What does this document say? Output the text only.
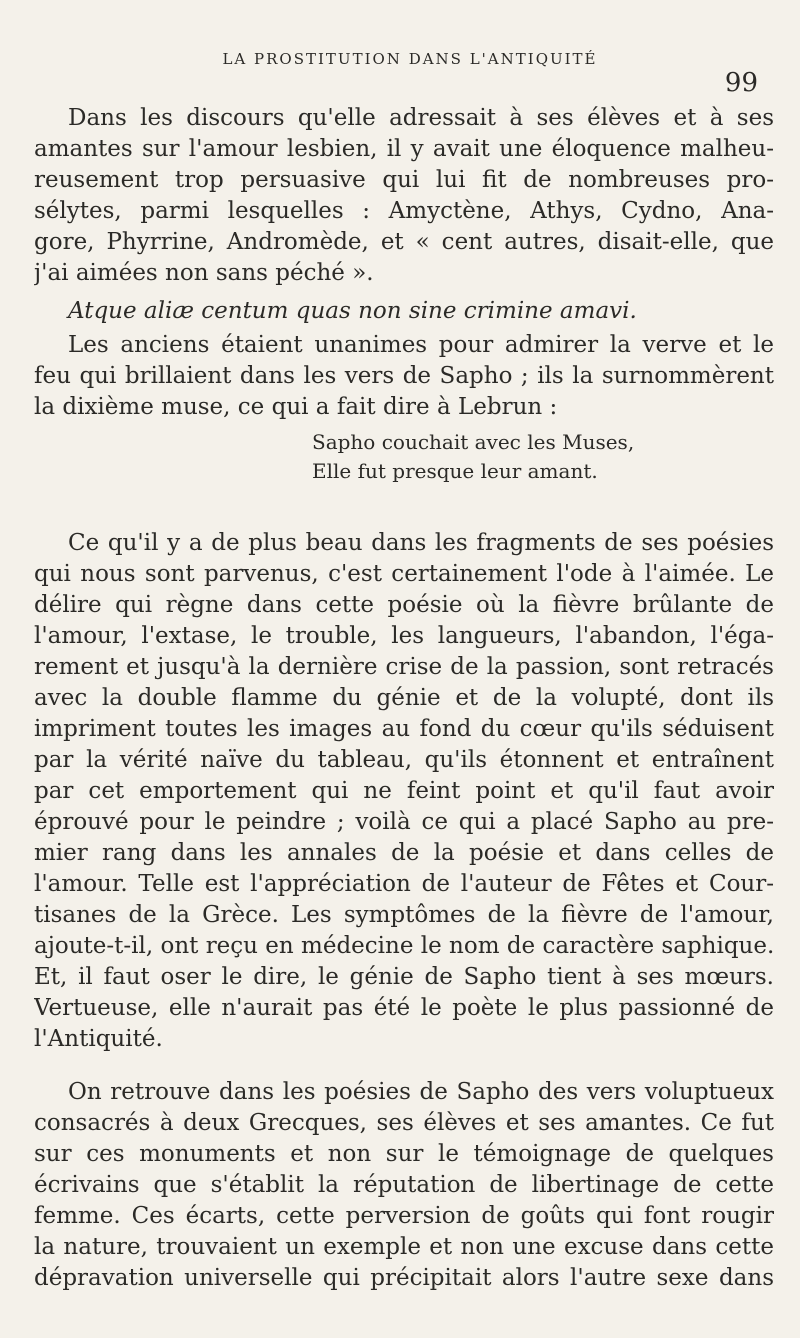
LA PROSTITUTION DANS L'ANTIQUITÉ
99
Dans les discours qu'elle adressait à ses élèves et à ses
amantes sur l'amour lesbien, il y avait une éloquence malheu-
reusement trop persuasive qui lui fit de nombreuses pro-
sélytes, parmi lesquelles : Amyctène, Athys, Cydno, Ana-
gore, Phyrrine, Andromède, et « cent autres, disait-elle, que
j'ai aimées non sans péché ».
Atque aliæ centum quas non sine crimine amavi.
Les anciens étaient unanimes pour admirer la verve et le
feu qui brillaient dans les vers de Sapho ; ils la surnommèrent
la dixième muse, ce qui a fait dire à Lebrun :
Sapho couchait avec les Muses,
Elle fut presque leur amant.
Ce qu'il y a de plus beau dans les fragments de ses poésies
qui nous sont parvenus, c'est certainement l'ode à l'aimée. Le
délire qui règne dans cette poésie où la fièvre brûlante de
l'amour, l'extase, le trouble, les langueurs, l'abandon, l'éga-
rement et jusqu'à la dernière crise de la passion, sont retracés
avec la double flamme du génie et de la volupté, dont ils
impriment toutes les images au fond du cœur qu'ils séduisent
par la vérité naïve du tableau, qu'ils étonnent et entraînent
par cet emportement qui ne feint point et qu'il faut avoir
éprouvé pour le peindre ; voilà ce qui a placé Sapho au pre-
mier rang dans les annales de la poésie et dans celles de
l'amour. Telle est l'appréciation de l'auteur de Fêtes et Cour-
tisanes de la Grèce. Les symptômes de la fièvre de l'amour,
ajoute-t-il, ont reçu en médecine le nom de caractère saphique.
Et, il faut oser le dire, le génie de Sapho tient à ses mœurs.
Vertueuse, elle n'aurait pas été le poète le plus passionné de
l'Antiquité.
On retrouve dans les poésies de Sapho des vers voluptueux
consacrés à deux Grecques, ses élèves et ses amantes. Ce fut
sur ces monuments et non sur le témoignage de quelques
écrivains que s'établit la réputation de libertinage de cette
femme. Ces écarts, cette perversion de goûts qui font rougir
la nature, trouvaient un exemple et non une excuse dans cette
dépravation universelle qui précipitait alors l'autre sexe dans
